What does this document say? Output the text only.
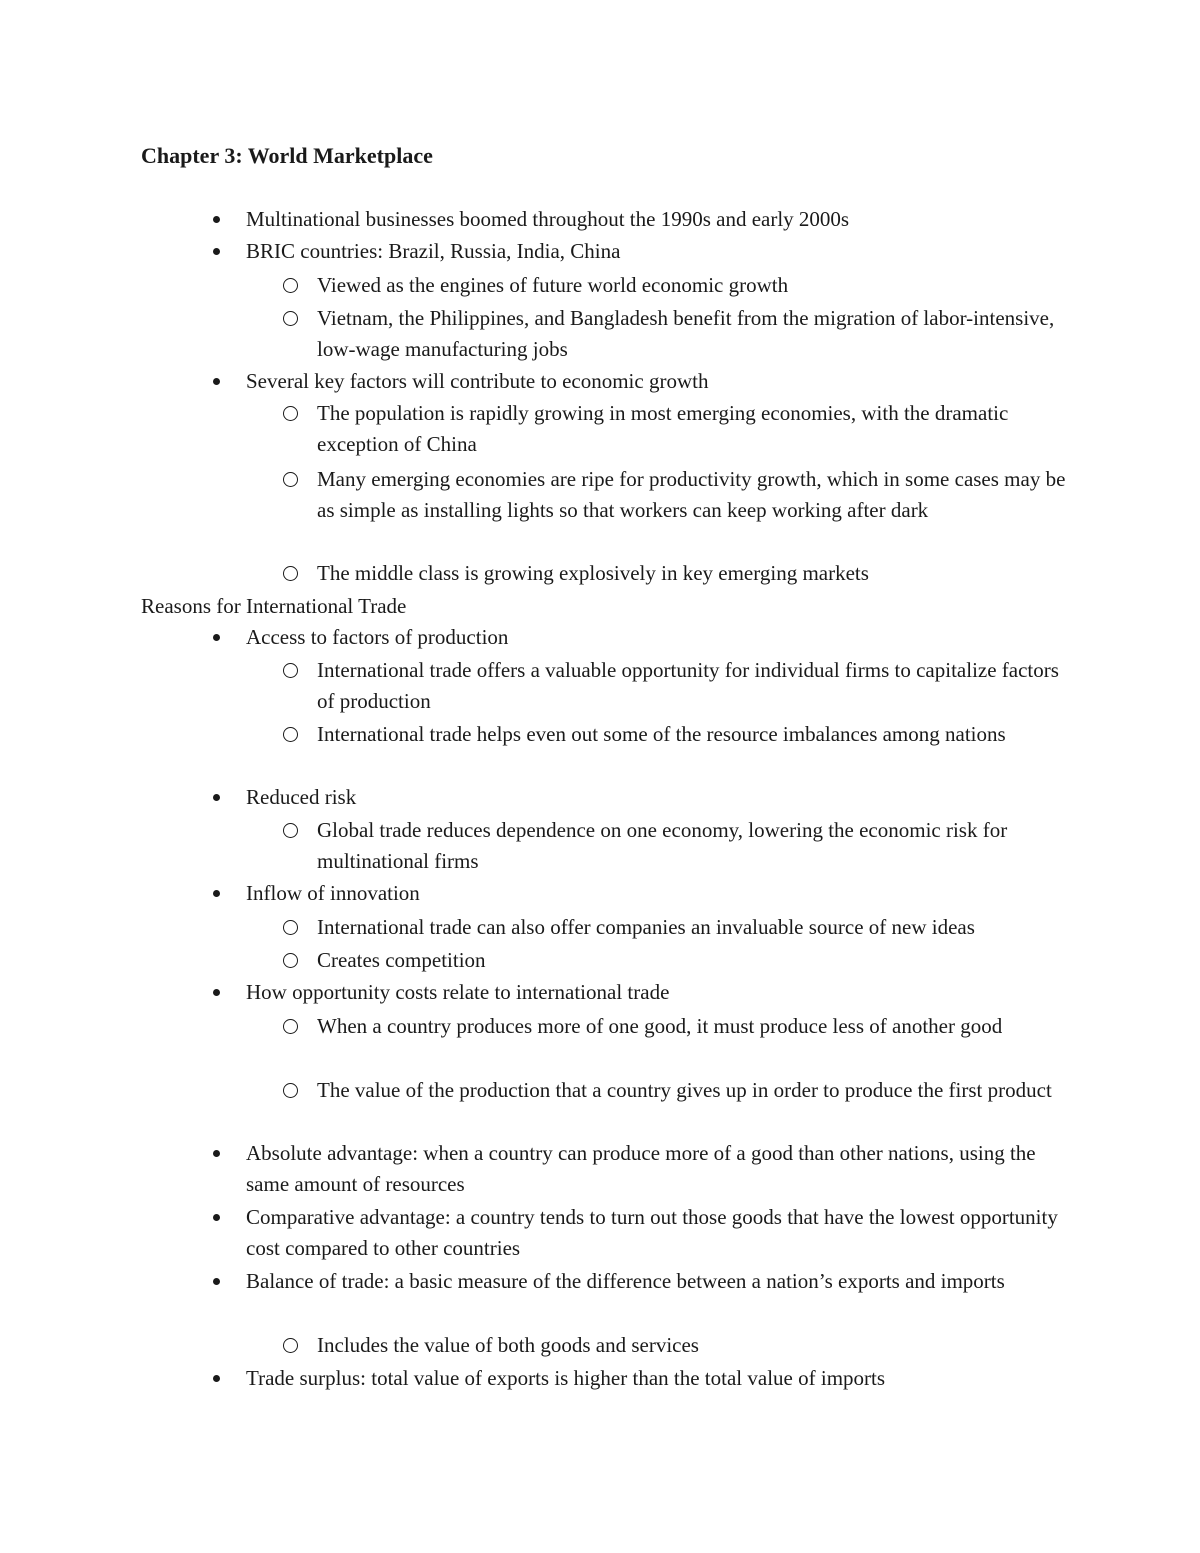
Chapter 3: World Marketplace
Multinational businesses boomed throughout the 1990s and early 2000s
BRIC countries: Brazil, Russia, India, China
Viewed as the engines of future world economic growth
Vietnam, the Philippines, and Bangladesh benefit from the migration of labor-intensive, low-wage manufacturing jobs
Several key factors will contribute to economic growth
The population is rapidly growing in most emerging economies, with the dramatic exception of China
Many emerging economies are ripe for productivity growth, which in some cases may be as simple as installing lights so that workers can keep working after dark
The middle class is growing explosively in key emerging markets
Reasons for International Trade
Access to factors of production
International trade offers a valuable opportunity for individual firms to capitalize factors of production
International trade helps even out some of the resource imbalances among nations
Reduced risk
Global trade reduces dependence on one economy, lowering the economic risk for multinational firms
Inflow of innovation
International trade can also offer companies an invaluable source of new ideas
Creates competition
How opportunity costs relate to international trade
When a country produces more of one good, it must produce less of another good
The value of the production that a country gives up in order to produce the first product
Absolute advantage: when a country can produce more of a good than other nations, using the same amount of resources
Comparative advantage: a country tends to turn out those goods that have the lowest opportunity cost compared to other countries
Balance of trade: a basic measure of the difference between a nation’s exports and imports
Includes the value of both goods and services
Trade surplus: total value of exports is higher than the total value of imports
